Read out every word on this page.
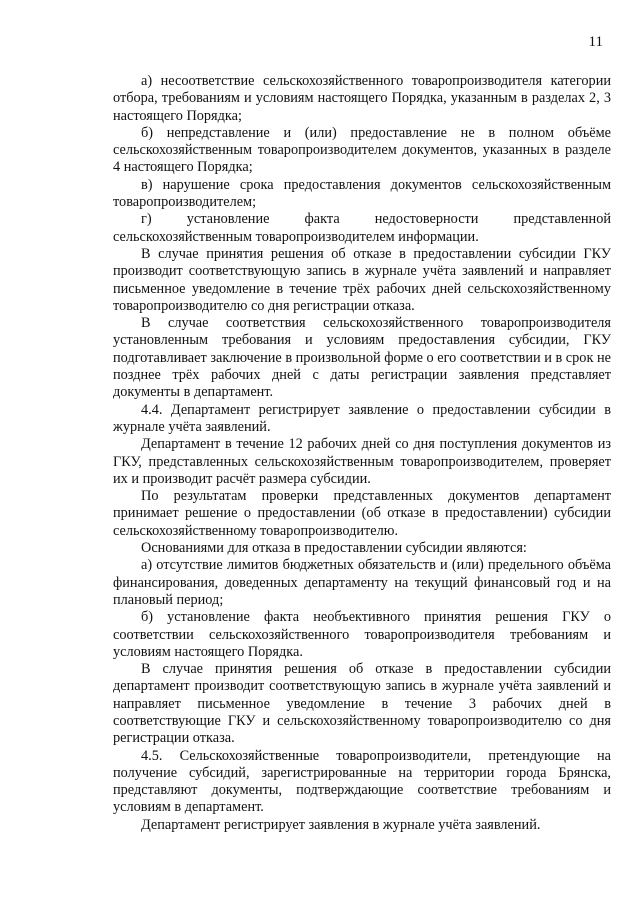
11

а) несоответствие сельскохозяйственного товаропроизводителя категории отбора, требованиям и условиям настоящего Порядка, указанным в разделах 2, 3 настоящего Порядка;

б) непредставление и (или) предоставление не в полном объёме сельскохозяйственным товаропроизводителем документов, указанных в разделе 4 настоящего Порядка;

в) нарушение срока предоставления документов сельскохозяйственным товаропроизводителем;

г) установление факта недостоверности представленной сельскохозяйственным товаропроизводителем информации.

В случае принятия решения об отказе в предоставлении субсидии ГКУ производит соответствующую запись в журнале учёта заявлений и направляет письменное уведомление в течение трёх рабочих дней сельскохозяйственному товаропроизводителю со дня регистрации отказа.

В случае соответствия сельскохозяйственного товаропроизводителя установленным требования и условиям предоставления субсидии, ГКУ подготавливает заключение в произвольной форме о его соответствии и в срок не позднее трёх рабочих дней с даты регистрации заявления представляет документы в департамент.

4.4. Департамент регистрирует заявление о предоставлении субсидии в журнале учёта заявлений.

Департамент в течение 12 рабочих дней со дня поступления документов из ГКУ, представленных сельскохозяйственным товаропроизводителем, проверяет их и производит расчёт размера субсидии.

По результатам проверки представленных документов департамент принимает решение о предоставлении (об отказе в предоставлении) субсидии сельскохозяйственному товаропроизводителю.

Основаниями для отказа в предоставлении субсидии являются:

а) отсутствие лимитов бюджетных обязательств и (или) предельного объёма финансирования, доведенных департаменту на текущий финансовый год и на плановый период;

б) установление факта необъективного принятия решения ГКУ о соответствии сельскохозяйственного товаропроизводителя требованиям и условиям настоящего Порядка.

В случае принятия решения об отказе в предоставлении субсидии департамент производит соответствующую запись в журнале учёта заявлений и направляет письменное уведомление в течение 3 рабочих дней в соответствующие ГКУ и сельскохозяйственному товаропроизводителю со дня регистрации отказа.

4.5. Сельскохозяйственные товаропроизводители, претендующие на получение субсидий, зарегистрированные на территории города Брянска, представляют документы, подтверждающие соответствие требованиям и условиям в департамент.

Департамент регистрирует заявления в журнале учёта заявлений.
